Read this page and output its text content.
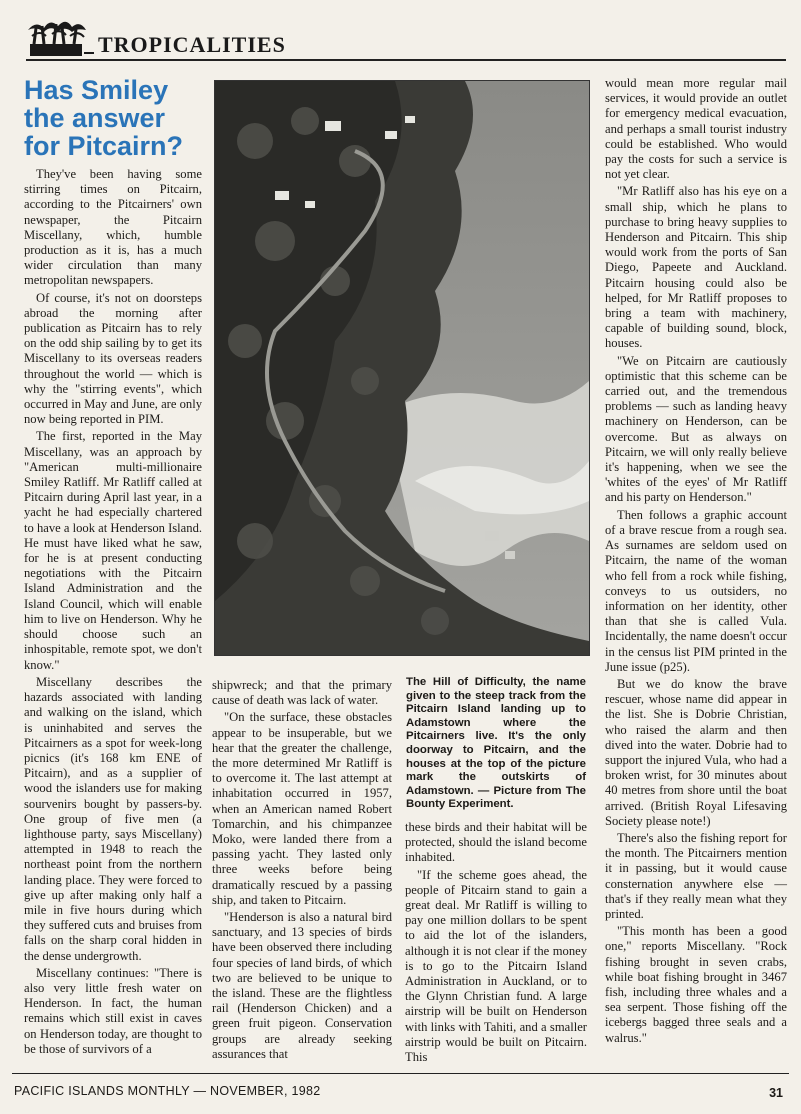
TROPICALITIES
Has Smiley the answer for Pitcairn?

They've been having some stirring times on Pitcairn, according to the Pitcairners' own newspaper, the Pitcairn Miscellany, which, humble production as it is, has a much wider circulation than many metropolitan newspapers.

Of course, it's not on doorsteps abroad the morning after publication as Pitcairn has to rely on the odd ship sailing by to get its Miscellany to its overseas readers throughout the world — which is why the "stirring events", which occurred in May and June, are only now being reported in PIM.

The first, reported in the May Miscellany, was an approach by "American multi-millionaire Smiley Ratliff. Mr Ratliff called at Pitcairn during April last year, in a yacht he had especially chartered to have a look at Henderson Island. He must have liked what he saw, for he is at present conducting negotiations with the Pitcairn Island Administration and the Island Council, which will enable him to live on Henderson. Why he should choose such an inhospitable, remote spot, we don't know."

Miscellany describes the hazards associated with landing and walking on the island, which is uninhabited and serves the Pitcairners as a spot for week-long picnics (it's 168 km ENE of Pitcairn), and as a supplier of wood the islanders use for making sourvenirs bought by passers-by. One group of five men (a lighthouse party, says Miscellany) attempted in 1948 to reach the northeast point from the northern landing place. They were forced to give up after making only half a mile in five hours during which they suffered cuts and bruises from falls on the sharp coral hidden in the dense undergrowth.

Miscellany continues: "There is also very little fresh water on Henderson. In fact, the human remains which still exist in caves on Henderson today, are thought to be those of survivors of a

shipwreck; and that the primary cause of death was lack of water.

"On the surface, these obstacles appear to be insuperable, but we hear that the greater the challenge, the more determined Mr Ratliff is to overcome it. The last attempt at inhabitation occurred in 1957, when an American named Robert Tomarchin, and his chimpanzee Moko, were landed there from a passing yacht. They lasted only three weeks before being dramatically rescued by a passing ship, and taken to Pitcairn.

"Henderson is also a natural bird sanctuary, and 13 species of birds have been observed there including four species of land birds, of which two are believed to be unique to the island. These are the flightless rail (Henderson Chicken) and a green fruit pigeon. Conservation groups are already seeking assurances that

The Hill of Difficulty, the name given to the steep track from the Pitcairn Island landing up to Adamstown where the Pitcairners live. It's the only doorway to Pitcairn, and the houses at the top of the picture mark the outskirts of Adamstown. — Picture from The Bounty Experiment.

these birds and their habitat will be protected, should the island become inhabited.

"If the scheme goes ahead, the people of Pitcairn stand to gain a great deal. Mr Ratliff is willing to pay one million dollars to be spent to aid the lot of the islanders, although it is not clear if the money is to go to the Pitcairn Island Administration in Auckland, or to the Glynn Christian fund. A large airstrip will be built on Henderson with links with Tahiti, and a smaller airstrip would be built on Pitcairn. This

would mean more regular mail services, it would provide an outlet for emergency medical evacuation, and perhaps a small tourist industry could be established. Who would pay the costs for such a service is not yet clear.

"Mr Ratliff also has his eye on a small ship, which he plans to purchase to bring heavy supplies to Henderson and Pitcairn. This ship would work from the ports of San Diego, Papeete and Auckland. Pitcairn housing could also be helped, for Mr Ratliff proposes to bring a team with machinery, capable of building sound, block, houses.

"We on Pitcairn are cautiously optimistic that this scheme can be carried out, and the tremendous problems — such as landing heavy machinery on Henderson, can be overcome. But as always on Pitcairn, we will only really believe it's happening, when we see the 'whites of the eyes' of Mr Ratliff and his party on Henderson."

Then follows a graphic account of a brave rescue from a rough sea. As surnames are seldom used on Pitcairn, the name of the woman who fell from a rock while fishing, conveys to us outsiders, no information on her identity, other than that she is called Vula. Incidentally, the name doesn't occur in the census list PIM printed in the June issue (p25).

But we do know the brave rescuer, whose name did appear in the list. She is Dobrie Christian, who raised the alarm and then dived into the water. Dobrie had to support the injured Vula, who had a broken wrist, for 30 minutes about 40 metres from shore until the boat arrived. (British Royal Lifesaving Society please note!)

There's also the fishing report for the month. The Pitcairners mention it in passing, but it would cause consternation anywhere else — that's if they really mean what they printed.

"This month has been a good one," reports Miscellany. "Rock fishing brought in seven crabs, while boat fishing brought in 3467 fish, including three whales and a sea serpent. Those fishing off the icebergs bagged three seals and a walrus."

PACIFIC ISLANDS MONTHLY — NOVEMBER, 1982	31
